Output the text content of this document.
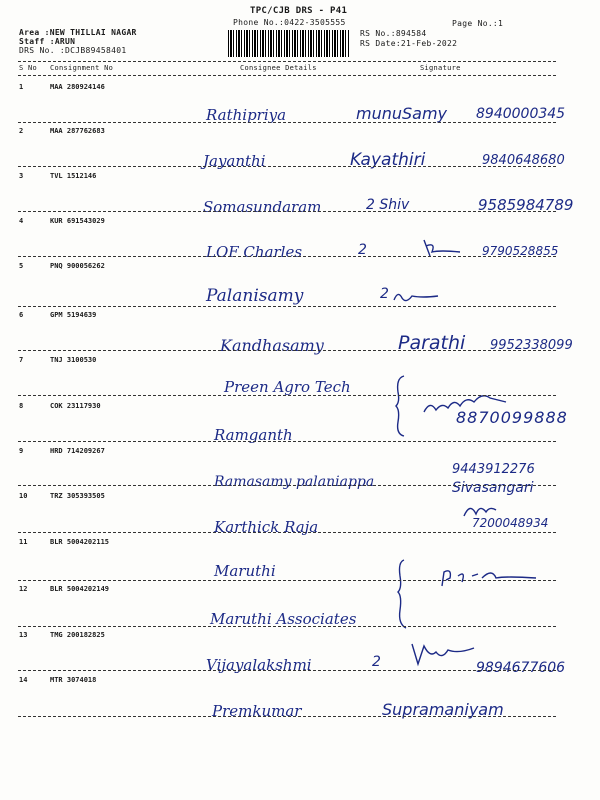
TPC/CJB DRS - P41
Phone No.:0422-3505555	Page No.:1
Area :NEW THILLAI NAGAR
Staff :ARUN
DRS No. :DCJB89458401
RS No.:894584
RS Date:21-Feb-2022
S No Consignment No	Consignee Details	Signature
1	MAA 280924146
Rathipriya	munuSamy 8940000345
2	MAA 287762683
Jayanthi	Kayathiri	9840648680
3	TVL 1512146
Somasundaram	2 Shiv	9585984789
4	KUR 691543029
LOF Charles	2	9790528855
5	PNQ 900056262
Palanisamy	2
6	GPM 5194639
Kandhasamy	Parathi 9952338099
7	TNJ 3100530
Preen Agro Tech
8	COK 23117930
Ramganth
8870099888
9	HRD 714209267
Ramasamy palaniappa	Sivasangari
9443912276
10	TRZ 305393505
Karthick Raja	7200048934
11	BLR 5004202115
Maruthi
12	BLR 5004202149
Maruthi Associates
13	TMG 200182825
Vijayalakshmi	2	9894677606
14	MTR 3074018
Premkumar	Supramaniyam
